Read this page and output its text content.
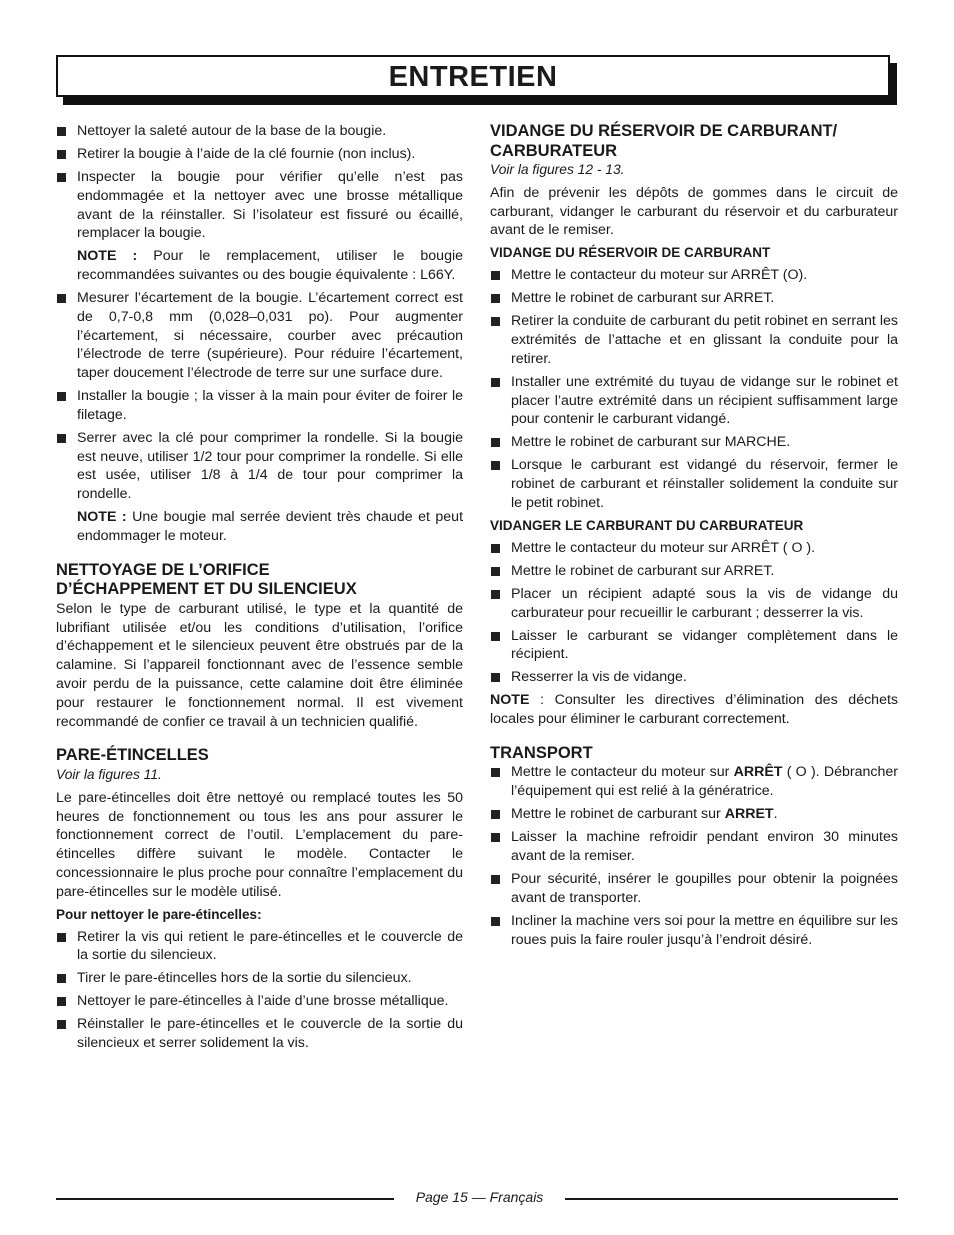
ENTRETIEN
Nettoyer la saleté autour de la base de la bougie.
Retirer la bougie à l’aide de la clé fournie (non inclus).
Inspecter la bougie pour vérifier qu’elle n’est pas endommagée et la nettoyer avec une brosse métallique avant de la réinstaller. Si l’isolateur est fissuré ou écaillé, remplacer la bougie.
NOTE : Pour le remplacement, utiliser le bougie recommandées suivantes ou des bougie équivalente : L66Y.
Mesurer l’écartement de la bougie. L’écartement correct est de 0,7-0,8 mm (0,028–0,031 po). Pour augmenter l’écartement, si nécessaire, courber avec précaution l’électrode de terre (supérieure). Pour réduire l’écartement, taper doucement l’électrode de terre sur une surface dure.
Installer la bougie ; la visser à la main pour éviter de foirer le filetage.
Serrer avec la clé pour comprimer la rondelle. Si la bougie est neuve, utiliser 1/2 tour pour comprimer la rondelle. Si elle est usée, utiliser 1/8 à 1/4 de tour pour comprimer la rondelle.
NOTE : Une bougie mal serrée devient très chaude et peut endommager le moteur.
NETTOYAGE DE L’ORIFICE
D’ÉCHAPPEMENT ET DU SILENCIEUX

Selon le type de carburant utilisé, le type et la quantité de lubrifiant utilisée et/ou les conditions d’utilisation, l’orifice d’échappement et le silencieux peuvent être obstrués par de la calamine. Si l’appareil fonctionnant avec de l’essence semble avoir perdu de la puissance, cette calamine doit être éliminée pour restaurer le fonctionnement normal. Il est vivement recommandé de confier ce travail à un technicien qualifié.

PARE-ÉTINCELLES
Voir la figures 11.

Le pare-étincelles doit être nettoyé ou remplacé toutes les 50 heures de fonctionnement ou tous les ans pour assurer le fonctionnement correct de l’outil. L’emplacement du pare-étincelles diffère suivant le modèle. Contacter le concessionnaire le plus proche pour connaître l’emplacement du pare-étincelles sur le modèle utilisé.

Pour nettoyer le pare-étincelles:
Retirer la vis qui retient le pare-étincelles et le couvercle de la sortie du silencieux.
Tirer le pare-étincelles hors de la sortie du silencieux.
Nettoyer le pare-étincelles à l’aide d’une brosse métallique.
Réinstaller le pare-étincelles et le couvercle de la sortie du silencieux et serrer solidement la vis.
VIDANGE DU RÉSERVOIR DE CARBURANT/
CARBURATEUR
Voir la figures 12 - 13.

Afin de prévenir les dépôts de gommes dans le circuit de carburant, vidanger le carburant du réservoir et du carburateur avant de le remiser.

VIDANGE DU RÉSERVOIR DE CARBURANT
Mettre le contacteur du moteur sur ARRÊT (O).
Mettre le robinet de carburant sur ARRET.
Retirer la conduite de carburant du petit robinet en serrant les extrémités de l’attache et en glissant la conduite pour la retirer.
Installer une extrémité du tuyau de vidange sur le robinet et placer l’autre extrémité dans un récipient suffisamment large pour contenir le carburant vidangé.
Mettre le robinet de carburant sur MARCHE.
Lorsque le carburant est vidangé du réservoir, fermer le robinet de carburant et réinstaller solidement la conduite sur le petit robinet.
VIDANGER LE CARBURANT DU CARBURATEUR
Mettre le contacteur du moteur sur ARRÊT ( O ).
Mettre le robinet de carburant sur ARRET.
Placer un récipient adapté sous la vis de vidange du carburateur pour recueillir le carburant ; desserrer la vis.
Laisser le carburant se vidanger complètement dans le récipient.
Resserrer la vis de vidange.

NOTE : Consulter les directives d’élimination des déchets locales pour éliminer le carburant correctement.

TRANSPORT
Mettre le contacteur du moteur sur ARRÊT ( O ). Débrancher l’équipement qui est relié à la génératrice.
Mettre le robinet de carburant sur ARRET.
Laisser la machine refroidir pendant environ 30 minutes avant de la remiser.
Pour sécurité, insérer le goupilles pour obtenir la poignées avant de transporter.
Incliner la machine vers soi pour la mettre en équilibre sur les roues puis la faire rouler jusqu’à l’endroit désiré.
Page 15 — Français
